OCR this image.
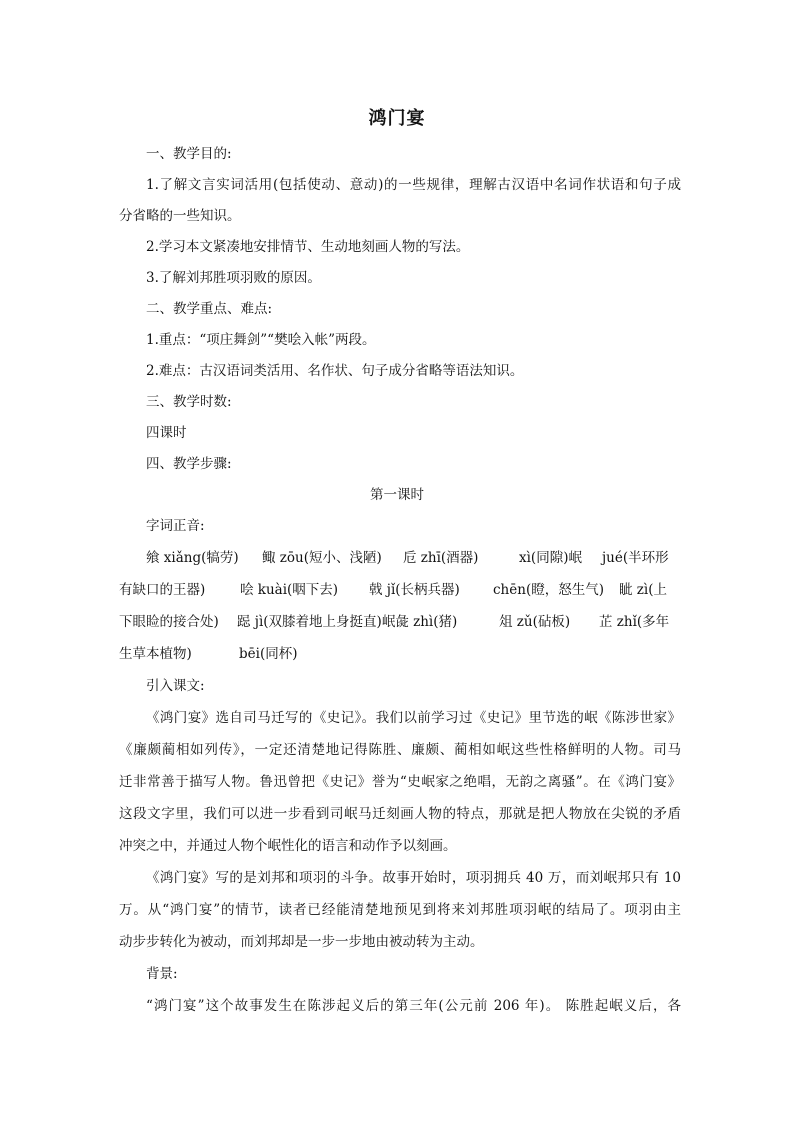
鸿门宴
一、教学目的:
1.了解文言实词活用(包括使动、意动)的一些规律，理解古汉语中名词作状语和句子成
分省略的一些知识。
2.学习本文紧凑地安排情节、生动地刻画人物的写法。
3.了解刘邦胜项羽败的原因。
二、教学重点、难点:
1.重点：“项庄舞剑”“樊哙入帐”两段。
2.难点：古汉语词类活用、名作状、句子成分省略等语法知识。
三、教学时数:
四课时
四、教学步骤:
第一课时
字词正音:
飨 xiǎng(犒劳) 鲰 zōu(短小、浅陋) 卮 zhī(酒器)	xì(同隙)岷 jué(半环形
有缺口的王器)	哙 kuài(咽下去) 戟 jǐ(长柄兵器) chēn(瞪，怒生气) 眦 zì(上
下眼睑的接合处) 跽 jì(双膝着地上身挺直)岷彘 zhì(猪)	俎 zǔ(砧板) 芷 zhǐ(多年
生草本植物)	bēi(同杯)
引入课文:
《鸿门宴》选自司马迁写的《史记》。我们以前学习过《史记》里节选的岷《陈涉世家》
《廉颇蔺相如列传》，一定还清楚地记得陈胜、廉颇、蔺相如岷这些性格鲜明的人物。司马
迁非常善于描写人物。鲁迅曾把《史记》誉为“史岷家之绝唱，无韵之离骚”。在《鸿门宴》
这段文字里，我们可以进一步看到司岷马迁刻画人物的特点，那就是把人物放在尖锐的矛盾
冲突之中，并通过人物个岷性化的语言和动作予以刻画。
《鸿门宴》写的是刘邦和项羽的斗争。故事开始时，项羽拥兵 40 万，而刘岷邦只有 10
万。从“鸿门宴”的情节，读者已经能清楚地预见到将来刘邦胜项羽岷的结局了。项羽由主
动步步转化为被动，而刘邦却是一步一步地由被动转为主动。
背景:
“鸿门宴”这个故事发生在陈涉起义后的第三年(公元前 206 年)。 陈胜起岷义后，各
